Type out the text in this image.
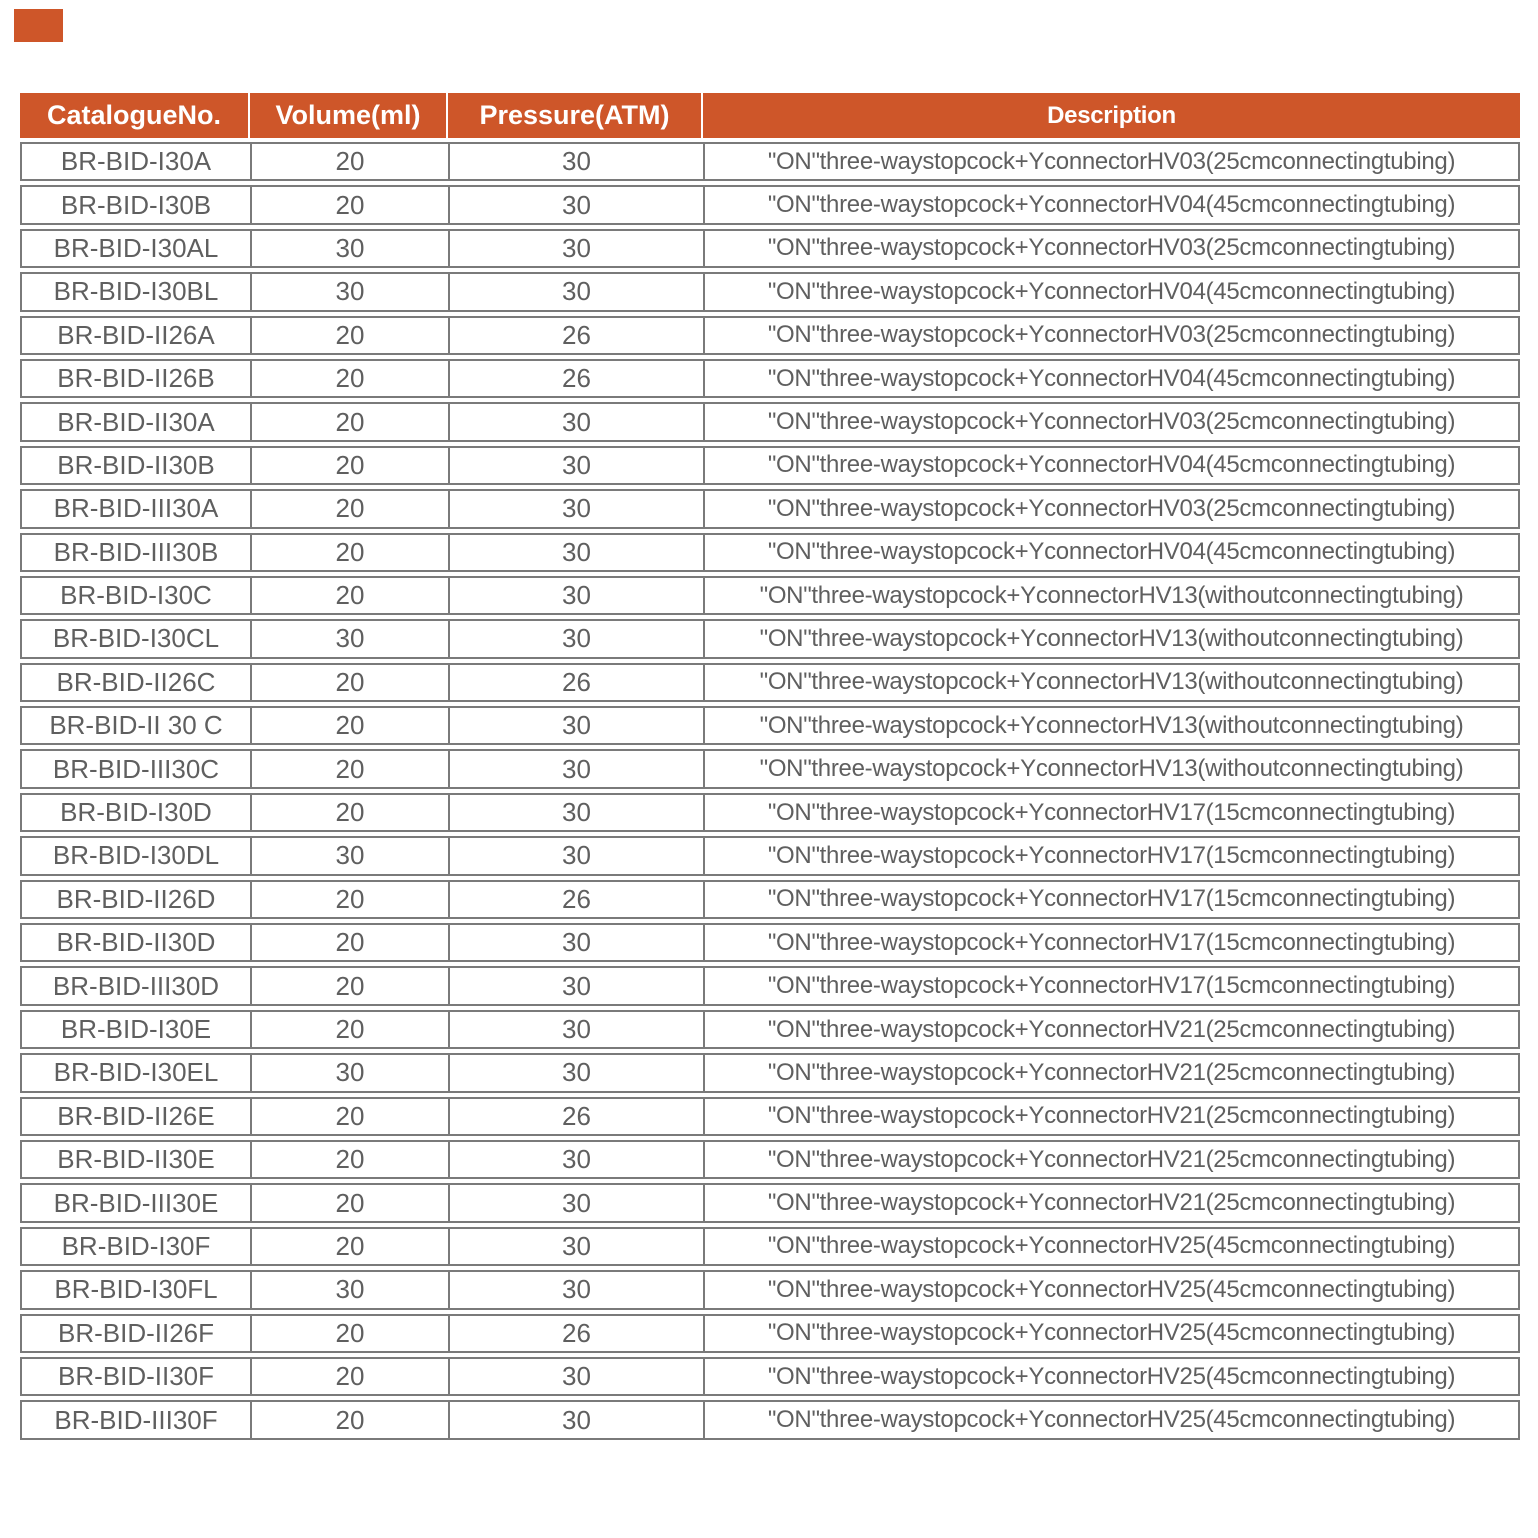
CatalogueNo.	Volume(ml)	Pressure(ATM)	Description
BR-BID-I30A	20	30	"ON"three-waystopcock+YconnectorHV03(25cmconnectingtubing)
BR-BID-I30B	20	30	"ON"three-waystopcock+YconnectorHV04(45cmconnectingtubing)
BR-BID-I30AL	30	30	"ON"three-waystopcock+YconnectorHV03(25cmconnectingtubing)
BR-BID-I30BL	30	30	"ON"three-waystopcock+YconnectorHV04(45cmconnectingtubing)
BR-BID-II26A	20	26	"ON"three-waystopcock+YconnectorHV03(25cmconnectingtubing)
BR-BID-II26B	20	26	"ON"three-waystopcock+YconnectorHV04(45cmconnectingtubing)
BR-BID-II30A	20	30	"ON"three-waystopcock+YconnectorHV03(25cmconnectingtubing)
BR-BID-II30B	20	30	"ON"three-waystopcock+YconnectorHV04(45cmconnectingtubing)
BR-BID-III30A	20	30	"ON"three-waystopcock+YconnectorHV03(25cmconnectingtubing)
BR-BID-III30B	20	30	"ON"three-waystopcock+YconnectorHV04(45cmconnectingtubing)
BR-BID-I30C	20	30	"ON"three-waystopcock+YconnectorHV13(withoutconnectingtubing)
BR-BID-I30CL	30	30	"ON"three-waystopcock+YconnectorHV13(withoutconnectingtubing)
BR-BID-II26C	20	26	"ON"three-waystopcock+YconnectorHV13(withoutconnectingtubing)
BR-BID-II 30 C	20	30	"ON"three-waystopcock+YconnectorHV13(withoutconnectingtubing)
BR-BID-III30C	20	30	"ON"three-waystopcock+YconnectorHV13(withoutconnectingtubing)
BR-BID-I30D	20	30	"ON"three-waystopcock+YconnectorHV17(15cmconnectingtubing)
BR-BID-I30DL	30	30	"ON"three-waystopcock+YconnectorHV17(15cmconnectingtubing)
BR-BID-II26D	20	26	"ON"three-waystopcock+YconnectorHV17(15cmconnectingtubing)
BR-BID-II30D	20	30	"ON"three-waystopcock+YconnectorHV17(15cmconnectingtubing)
BR-BID-III30D	20	30	"ON"three-waystopcock+YconnectorHV17(15cmconnectingtubing)
BR-BID-I30E	20	30	"ON"three-waystopcock+YconnectorHV21(25cmconnectingtubing)
BR-BID-I30EL	30	30	"ON"three-waystopcock+YconnectorHV21(25cmconnectingtubing)
BR-BID-II26E	20	26	"ON"three-waystopcock+YconnectorHV21(25cmconnectingtubing)
BR-BID-II30E	20	30	"ON"three-waystopcock+YconnectorHV21(25cmconnectingtubing)
BR-BID-III30E	20	30	"ON"three-waystopcock+YconnectorHV21(25cmconnectingtubing)
BR-BID-I30F	20	30	"ON"three-waystopcock+YconnectorHV25(45cmconnectingtubing)
BR-BID-I30FL	30	30	"ON"three-waystopcock+YconnectorHV25(45cmconnectingtubing)
BR-BID-II26F	20	26	"ON"three-waystopcock+YconnectorHV25(45cmconnectingtubing)
BR-BID-II30F	20	30	"ON"three-waystopcock+YconnectorHV25(45cmconnectingtubing)
BR-BID-III30F	20	30	"ON"three-waystopcock+YconnectorHV25(45cmconnectingtubing)
